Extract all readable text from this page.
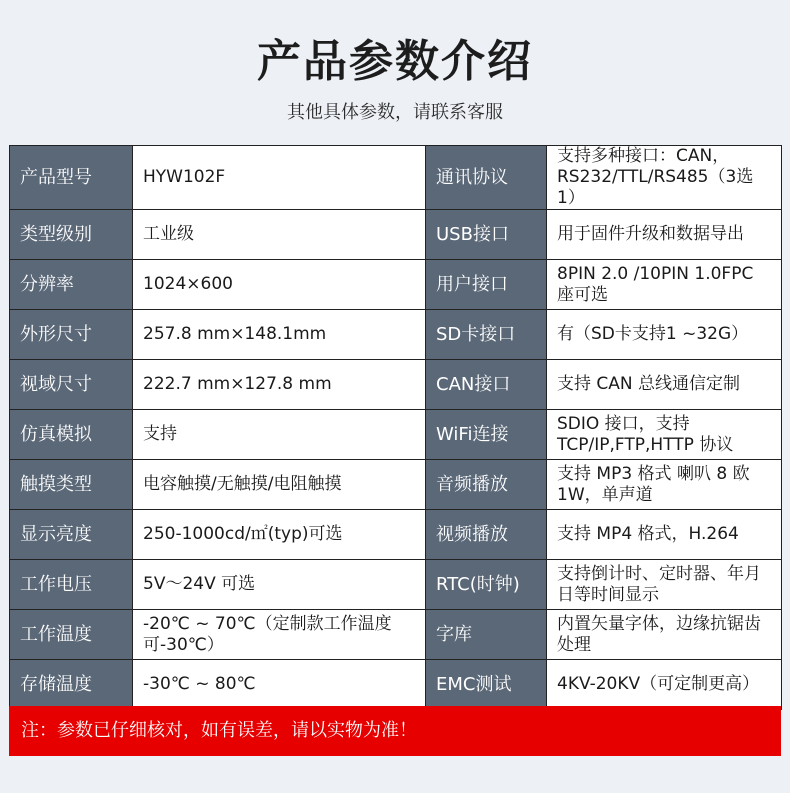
产品参数介绍
其他具体参数，请联系客服
产品型号	HYW102F	通讯协议	支持多种接口：CAN，RS232/TTL/RS485（3选1）
类型级别	工业级	USB接口	用于固件升级和数据导出
分辨率	1024×600	用户接口	8PIN 2.0 /10PIN 1.0FPC 座可选
外形尺寸	257.8 mm×148.1mm	SD卡接口	有（SD卡支持1 ~32G）
视域尺寸	222.7 mm×127.8 mm	CAN接口	支持 CAN 总线通信定制
仿真模拟	支持	WiFi连接	SDIO 接口，支持TCP/IP,FTP,HTTP 协议
触摸类型	电容触摸/无触摸/电阻触摸	音频播放	支持 MP3 格式 喇叭 8 欧 1W，单声道
显示亮度	250-1000cd/㎡(typ)可选	视频播放	支持 MP4 格式，H.264
工作电压	5V～24V 可选	RTC(时钟)	支持倒计时、定时器、年月日等时间显示
工作温度	-20℃ ~ 70℃（定制款工作温度可-30℃）	字库	内置矢量字体，边缘抗锯齿处理
存储温度	-30℃ ~ 80℃	EMC测试	4KV-20KV（可定制更高）
注：参数已仔细核对，如有误差，请以实物为准！
